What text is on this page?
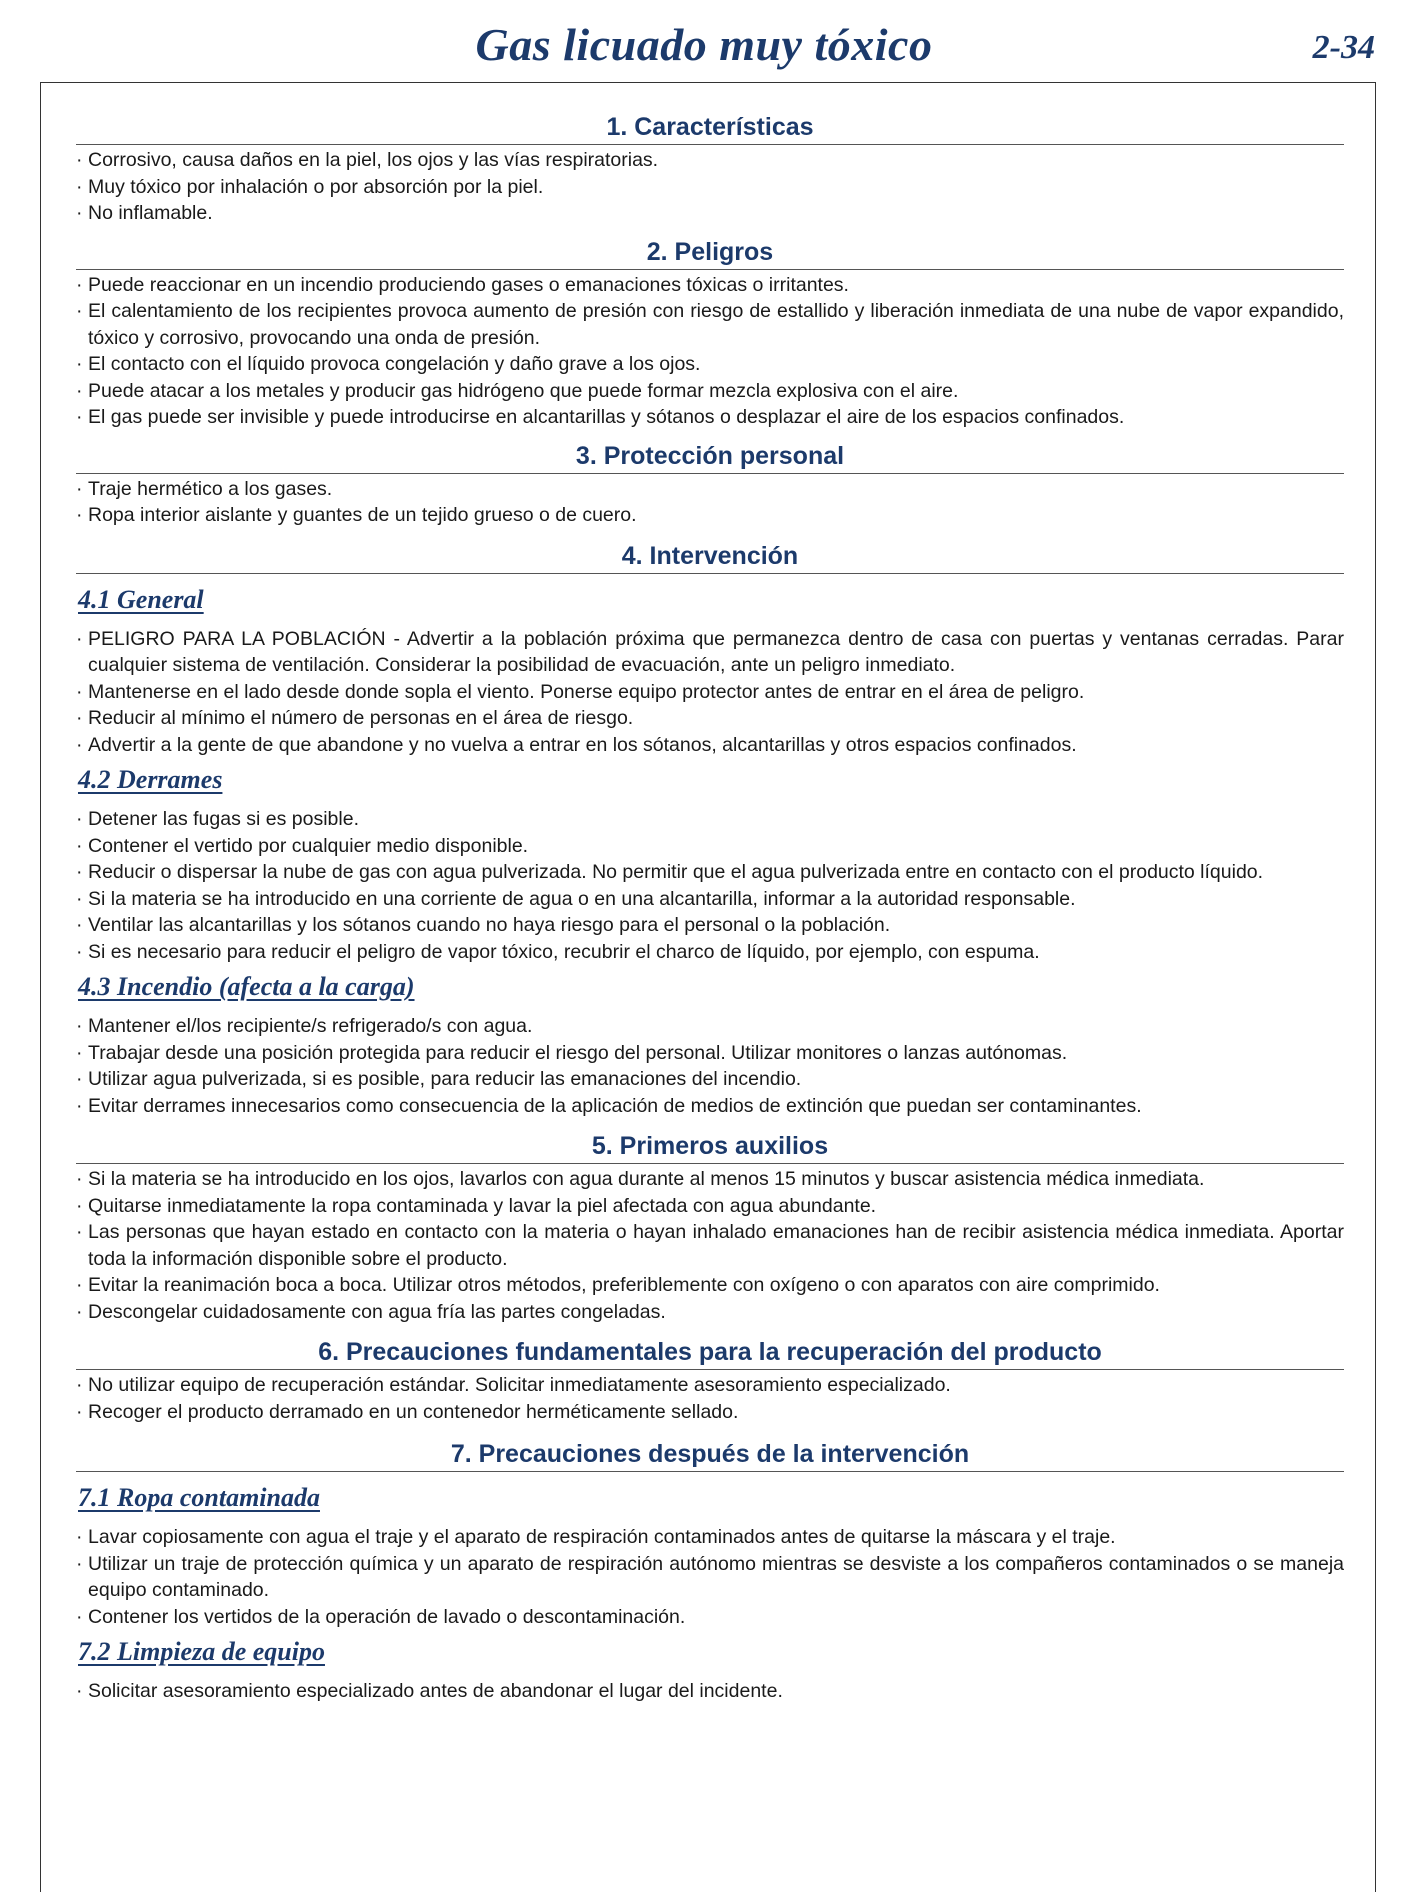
Gas licuado muy tóxico	2-34
1. Características
· Corrosivo, causa daños en la piel, los ojos y las vías respiratorias.
· Muy tóxico por inhalación o por absorción por la piel.
· No inflamable.
2. Peligros
· Puede reaccionar en un incendio produciendo gases o emanaciones tóxicas o irritantes.
· El calentamiento de los recipientes provoca aumento de presión con riesgo de estallido y liberación inmediata de una nube de vapor expandido, tóxico y corrosivo, provocando una onda de presión.
· El contacto con el líquido provoca congelación y daño grave a los ojos.
· Puede atacar a los metales y producir gas hidrógeno que puede formar mezcla explosiva con el aire.
· El gas puede ser invisible y puede introducirse en alcantarillas y sótanos o desplazar el aire de los espacios confinados.
3. Protección personal
· Traje hermético a los gases.
· Ropa interior aislante y guantes de un tejido grueso o de cuero.
4. Intervención
4.1 General
· PELIGRO PARA LA POBLACIÓN - Advertir a la población próxima que permanezca dentro de casa con puertas y ventanas cerradas. Parar cualquier sistema de ventilación. Considerar la posibilidad de evacuación, ante un peligro inmediato.
· Mantenerse en el lado desde donde sopla el viento. Ponerse equipo protector antes de entrar en el área de peligro.
· Reducir al mínimo el número de personas en el área de riesgo.
· Advertir a la gente de que abandone y no vuelva a entrar en los sótanos, alcantarillas y otros espacios confinados.
4.2 Derrames
· Detener las fugas si es posible.
· Contener el vertido por cualquier medio disponible.
· Reducir o dispersar la nube de gas con agua pulverizada. No permitir que el agua pulverizada entre en contacto con el producto líquido.
· Si la materia se ha introducido en una corriente de agua o en una alcantarilla, informar a la autoridad responsable.
· Ventilar las alcantarillas y los sótanos cuando no haya riesgo para el personal o la población.
· Si es necesario para reducir el peligro de vapor tóxico, recubrir el charco de líquido, por ejemplo, con espuma.
4.3 Incendio (afecta a la carga)
· Mantener el/los recipiente/s refrigerado/s con agua.
· Trabajar desde una posición protegida para reducir el riesgo del personal. Utilizar monitores o lanzas autónomas.
· Utilizar agua pulverizada, si es posible, para reducir las emanaciones del incendio.
· Evitar derrames innecesarios como consecuencia de la aplicación de medios de extinción que puedan ser contaminantes.
5. Primeros auxilios
· Si la materia se ha introducido en los ojos, lavarlos con agua durante al menos 15 minutos y buscar asistencia médica inmediata.
· Quitarse inmediatamente la ropa contaminada y lavar la piel afectada con agua abundante.
· Las personas que hayan estado en contacto con la materia o hayan inhalado emanaciones han de recibir asistencia médica inmediata. Aportar toda la información disponible sobre el producto.
· Evitar la reanimación boca a boca. Utilizar otros métodos, preferiblemente con oxígeno o con aparatos con aire comprimido.
· Descongelar cuidadosamente con agua fría las partes congeladas.
6. Precauciones fundamentales para la recuperación del producto
· No utilizar equipo de recuperación estándar. Solicitar inmediatamente asesoramiento especializado.
· Recoger el producto derramado en un contenedor herméticamente sellado.
7. Precauciones después de la intervención
7.1 Ropa contaminada
· Lavar copiosamente con agua el traje y el aparato de respiración contaminados antes de quitarse la máscara y el traje.
· Utilizar un traje de protección química y un aparato de respiración autónomo mientras se desviste a los compañeros contaminados o se maneja equipo contaminado.
· Contener los vertidos de la operación de lavado o descontaminación.
7.2 Limpieza de equipo
· Solicitar asesoramiento especializado antes de abandonar el lugar del incidente.
